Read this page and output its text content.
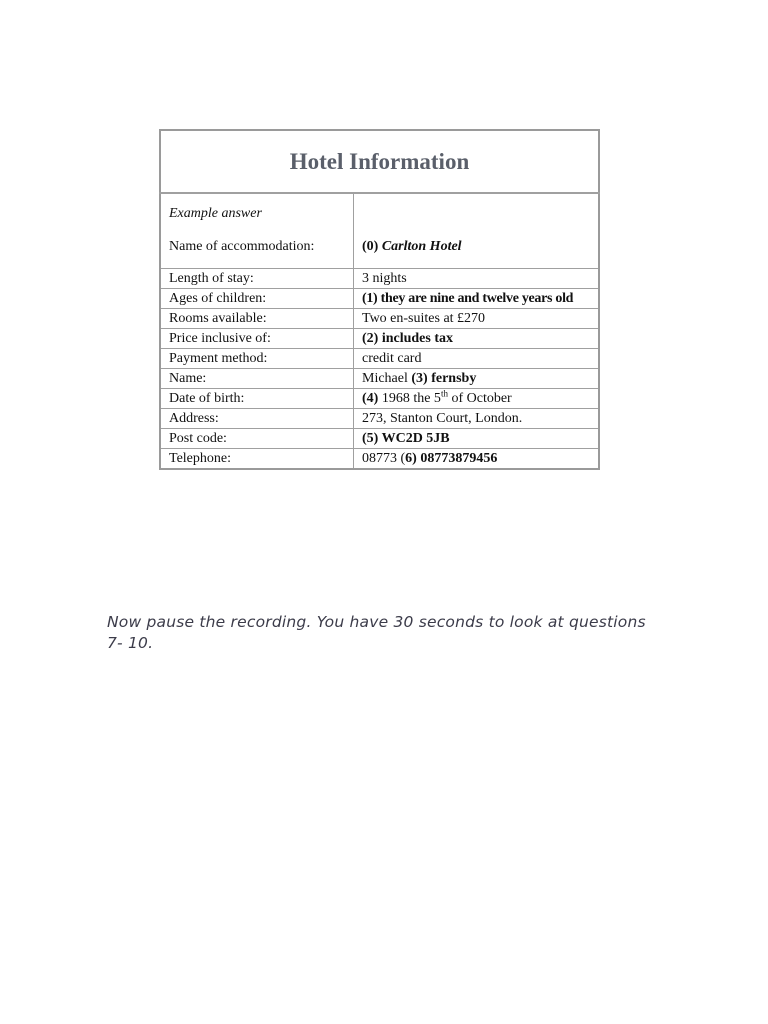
Hotel Information	

Example answer
Name of accommodation:	(0) Carlton Hotel

Length of stay:	3 nights
Ages of children:	(1) they are nine and twelve years old
Rooms available:	Two en-suites at £270
Price inclusive of:	(2) includes tax
Payment method:	credit card
Name:	Michael (3) fernsby
Date of birth:	(4) 1968 the 5th of October
Address:	273, Stanton Court, London.
Post code:	(5) WC2D 5JB
Telephone:	08773 (6) 08773879456

Now pause the recording. You have 30 seconds to look at questions 7- 10.
